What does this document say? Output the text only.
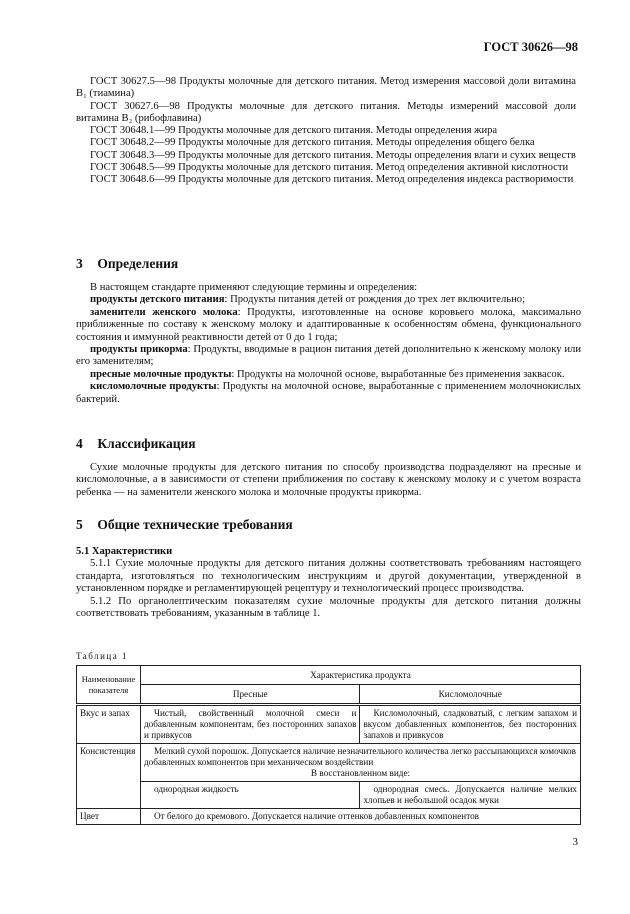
ГОСТ 30626—98

ГОСТ 30627.5—98 Продукты молочные для детского питания. Метод измерения массовой доли витамина В₁ (тиамина)

ГОСТ 30627.6—98 Продукты молочные для детского питания. Методы измерений массовой доли витамина В₂ (рибофлавина)

ГОСТ 30648.1—99 Продукты молочные для детского питания. Методы определения жира

ГОСТ 30648.2—99 Продукты молочные для детского питания. Методы определения общего белка

ГОСТ 30648.3—99 Продукты молочные для детского питания. Методы определения влаги и сухих веществ

ГОСТ 30648.5—99 Продукты молочные для детского питания. Метод определения активной кислотности

ГОСТ 30648.6—99 Продукты молочные для детского питания. Метод определения индекса растворимости

3 Определения

В настоящем стандарте применяют следующие термины и определения:

продукты детского питания: Продукты питания детей от рождения до трех лет включительно;

заменители женского молока: Продукты, изготовленные на основе коровьего молока, максимально приближенные по составу к женскому молоку и адаптированные к особенностям обмена, функционального состояния и иммунной реактивности детей от 0 до 1 года;

продукты прикорма: Продукты, вводимые в рацион питания детей дополнительно к женскому молоку или его заменителям;

пресные молочные продукты: Продукты на молочной основе, выработанные без применения заквасок.

кисломолочные продукты: Продукты на молочной основе, выработанные с применением молочнокислых бактерий.

4 Классификация

Сухие молочные продукты для детского питания по способу производства подразделяют на пресные и кисломолочные, а в зависимости от степени приближения по составу к женскому молоку и с учетом возраста ребенка — на заменители женского молока и молочные продукты прикорма.

5 Общие технические требования

5.1 Характеристики

5.1.1 Сухие молочные продукты для детского питания должны соответствовать требованиям настоящего стандарта, изготовляться по технологическим инструкциям и другой документации, утвержденной в установленном порядке и регламентирующей рецептуру и технологический процесс производства.

5.1.2 По органолептическим показателям сухие молочные продукты для детского питания должны соответствовать требованиям, указанным в таблице 1.

Таблица 1
Наименование показателя	Характеристика продукта	
	Пресные	Кисломолочные
Вкус и запах	Чистый, свойственный молочной смеси и добавленным компонентам, без посторонних запахов и привкусов	Кисломолочный, сладковатый, с легким запахом и вкусом добавленных компонентов, без посторонних запахов и привкусов
Консистенция	Мелкий сухой порошок. Допускается наличие незначительного количества легко рассыпающихся комочков добавленных компонентов при механическом воздействии
В восстановленном виде:	

	однородная жидкость	однородная смесь. Допускается наличие мелких хлопьев и небольшой осадок муки
Цвет	От белого до кремового. Допускается наличие оттенков добавленных компонентов	
3
